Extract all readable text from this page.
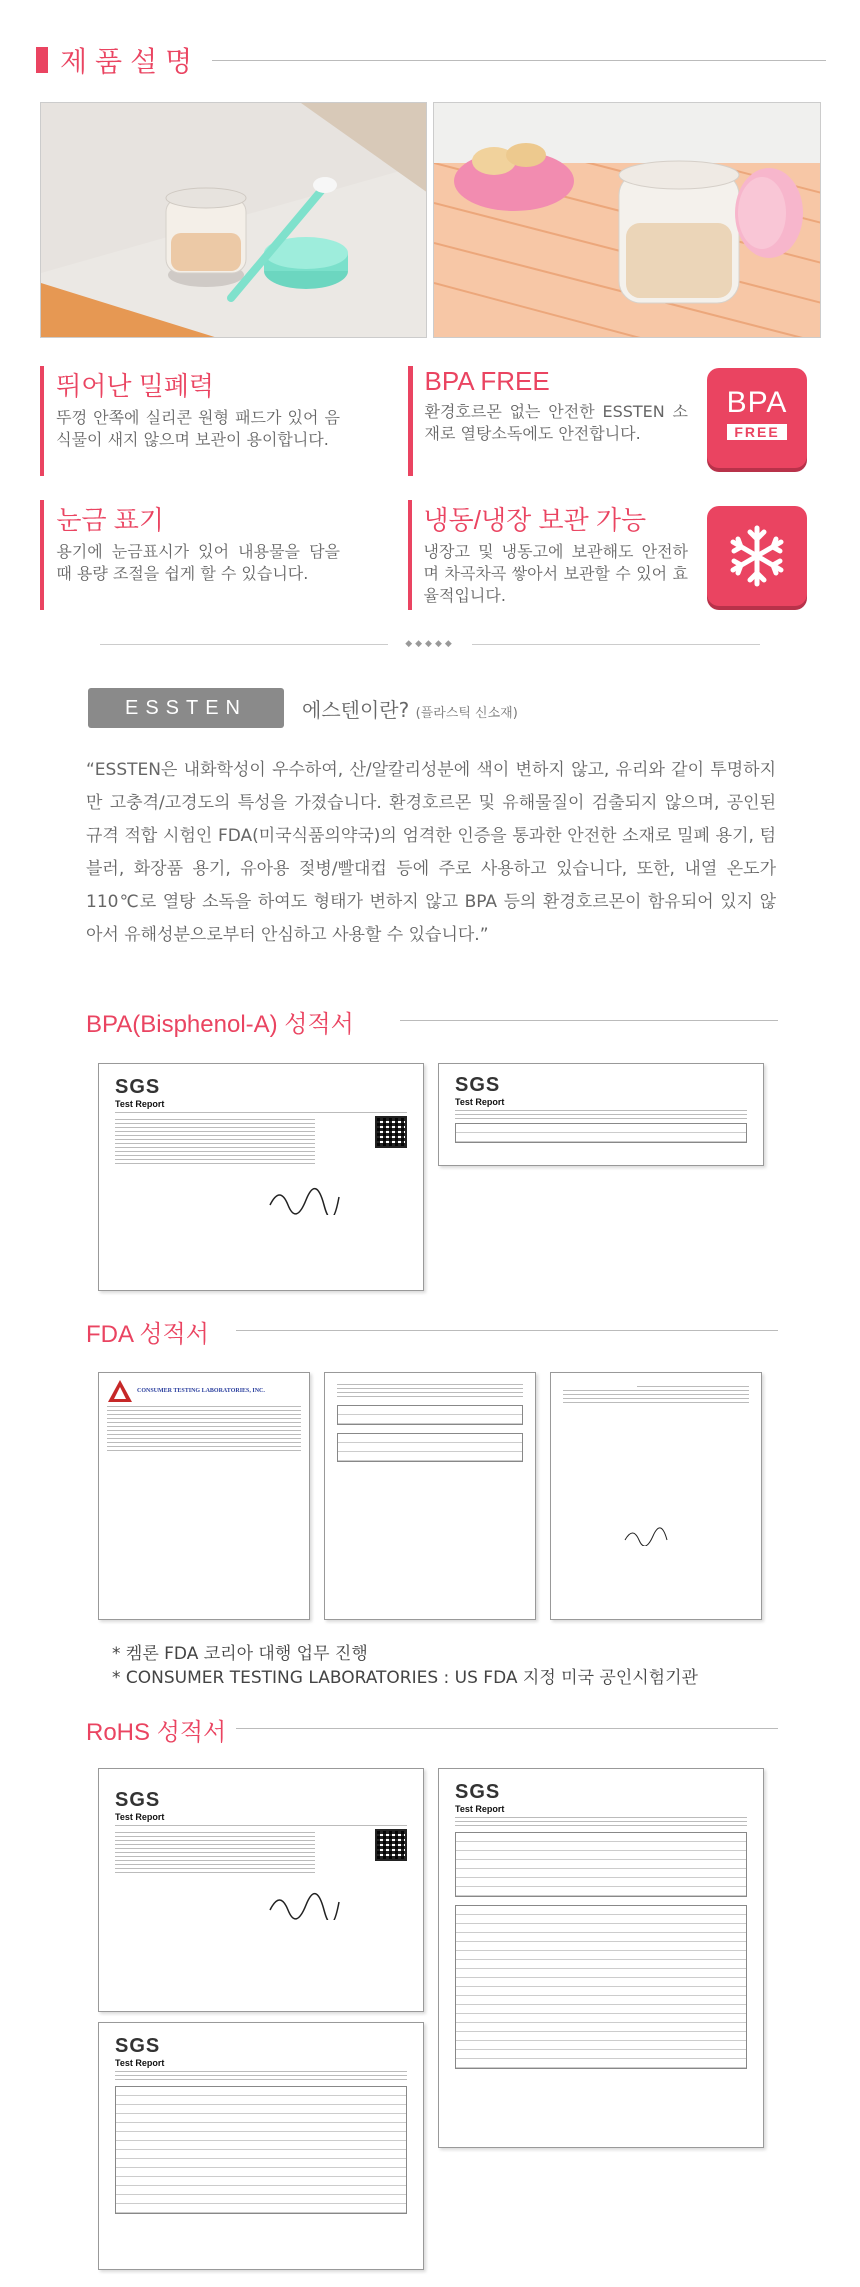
제품설명
뛰어난 밀폐력

뚜껑 안쪽에 실리콘 원형 패드가 있어 음식물이 새지 않으며 보관이 용이합니다.

BPA FREE

환경호르몬 없는 안전한 ESSTEN 소재로 열탕소독에도 안전합니다.

BPA
FREE
눈금 표기

용기에 눈금표시가 있어 내용물을 담을 때 용량 조절을 쉽게 할 수 있습니다.

냉동/냉장 보관 가능

냉장고 및 냉동고에 보관해도 안전하며 차곡차곡 쌓아서 보관할 수 있어 효율적입니다.

◆◆◆◆◆
ESSTEN	에스텐이란? (플라스틱 신소재)
“ESSTEN은 내화학성이 우수하여, 산/알칼리성분에 색이 변하지 않고, 유리와 같이 투명하지만 고충격/고경도의 특성을 가졌습니다. 환경호르몬 및 유해물질이 검출되지 않으며, 공인된 규격 적합 시험인 FDA(미국식품의약국)의 엄격한 인증을 통과한 안전한 소재로 밀폐 용기, 텀블러, 화장품 용기, 유아용 젖병/빨대컵 등에 주로 사용하고 있습니다, 또한, 내열 온도가 110℃로 열탕 소독을 하여도 형태가 변하지 않고 BPA 등의 환경호르몬이 함유되어 있지 않아서 유해성분으로부터 안심하고 사용할 수 있습니다.”
BPA(Bisphenol-A) 성적서
SGS
Test Report
SGS
Test Report
FDA 성적서
CONSUMER TESTING LABORATORIES, INC.
* 켐론 FDA 코리아 대행 업무 진행
* CONSUMER TESTING LABORATORIES : US FDA 지정 미국 공인시험기관
RoHS 성적서
SGS
Test Report
SGS
Test Report
SGS
Test Report
